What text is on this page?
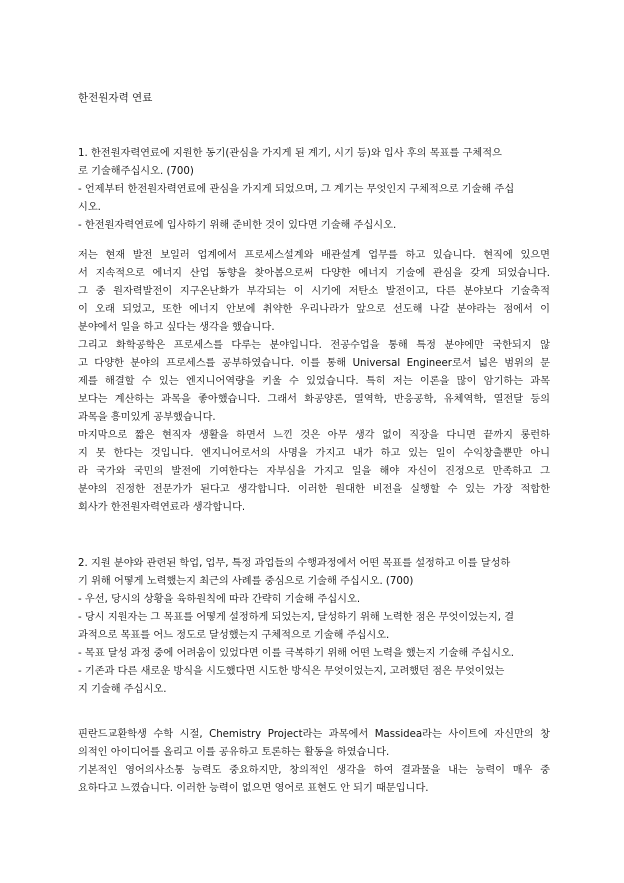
한전원자력 연료
1. 한전원자력연료에 지원한 동기(관심을 가지게 된 계기, 시기 등)와 입사 후의 목표를 구체적으
로 기술해주십시오. (700)
- 언제부터 한전원자력연료에 관심을 가지게 되었으며, 그 계기는 무엇인지 구체적으로 기술해 주십
시오.
- 한전원자력연료에 입사하기 위해 준비한 것이 있다면 기술해 주십시오.
저는 현재 발전 보일러 업계에서 프로세스설계와 배관설계 업무를 하고 있습니다. 현직에 있으면
서 지속적으로 에너지 산업 동향을 찾아봄으로써 다양한 에너지 기술에 관심을 갖게 되었습니다.
그 중 원자력발전이 지구온난화가 부각되는 이 시기에 저탄소 발전이고, 다른 분야보다 기술축적
이 오래 되었고, 또한 에너지 안보에 취약한 우리나라가 앞으로 선도해 나갈 분야라는 점에서 이
분야에서 일을 하고 싶다는 생각을 했습니다.
그리고 화학공학은 프로세스를 다루는 분야입니다. 전공수업을 통해 특정 분야에만 국한되지 않
고 다양한 분야의 프로세스를 공부하였습니다. 이를 통해 Universal Engineer로서 넓은 범위의 문
제를 해결할 수 있는 엔지니어역량을 키울 수 있었습니다. 특히 저는 이론을 많이 암기하는 과목
보다는 계산하는 과목을 좋아했습니다. 그래서 화공양론, 열역학, 반응공학, 유체역학, 열전달 등의
과목을 흥미있게 공부했습니다.
마지막으로 짧은 현직자 생활을 하면서 느낀 것은 아무 생각 없이 직장을 다니면 끝까지 롱런하
지 못 한다는 것입니다. 엔지니어로서의 사명을 가지고 내가 하고 있는 일이 수익창출뿐만 아니
라 국가와 국민의 발전에 기여한다는 자부심을 가지고 일을 해야 자신이 진정으로 만족하고 그
분야의 진정한 전문가가 된다고 생각합니다. 이러한 원대한 비전을 실행할 수 있는 가장 적합한
회사가 한전원자력연료라 생각합니다.
2. 지원 분야와 관련된 학업, 업무, 특정 과업들의 수행과정에서 어떤 목표를 설정하고 이를 달성하
기 위해 어떻게 노력했는지 최근의 사례를 중심으로 기술해 주십시오. (700)
- 우선, 당시의 상황을 육하원칙에 따라 간략히 기술해 주십시오.
- 당시 지원자는 그 목표를 어떻게 설정하게 되었는지, 달성하기 위해 노력한 점은 무엇이었는지, 결
과적으로 목표를 어느 정도로 달성했는지 구체적으로 기술해 주십시오.
- 목표 달성 과정 중에 어려움이 있었다면 이를 극복하기 위해 어떤 노력을 했는지 기술해 주십시오.
- 기존과 다른 새로운 방식을 시도했다면 시도한 방식은 무엇이었는지, 고려했던 점은 무엇이었는
지 기술해 주십시오.
핀란드교환학생 수학 시절, Chemistry Project라는 과목에서 Massidea라는 사이트에 자신만의 창
의적인 아이디어를 올리고 이를 공유하고 토론하는 활동을 하였습니다.
기본적인 영어의사소통 능력도 중요하지만, 창의적인 생각을 하여 결과물을 내는 능력이 매우 중
요하다고 느꼈습니다. 이러한 능력이 없으면 영어로 표현도 안 되기 때문입니다.
